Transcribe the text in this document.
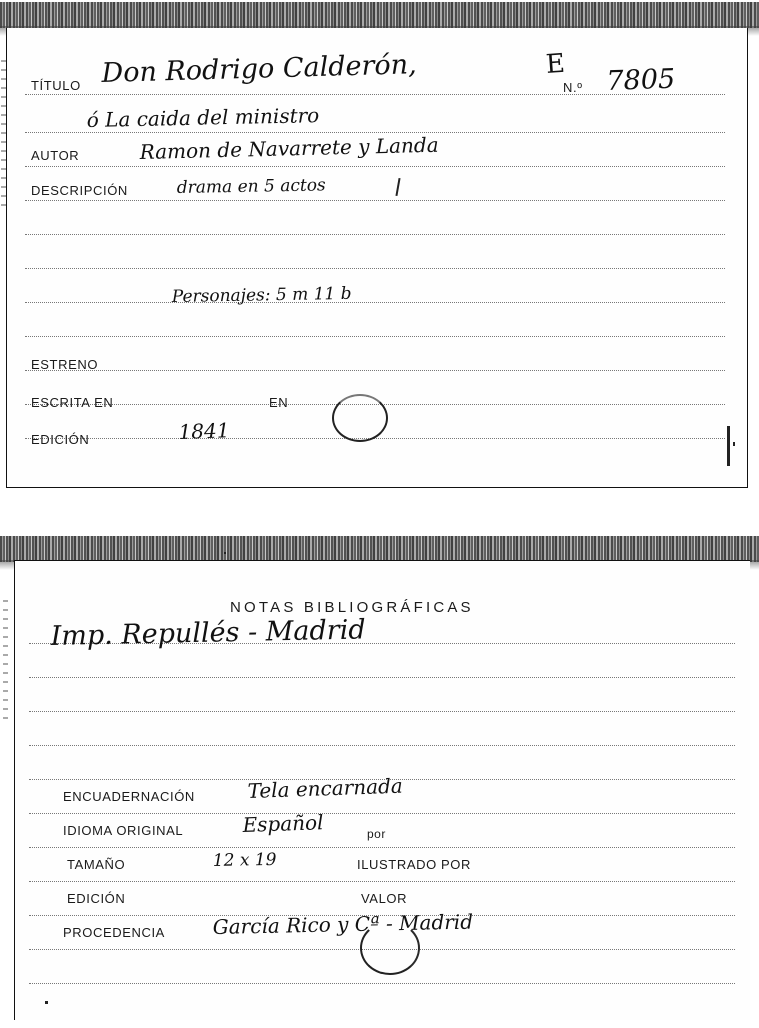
TÍTULO Don Rodrigo Calderón,	N.º
E 7805
ó La caida del ministro
AUTOR	Ramon de Navarrete y Landa
DESCRIPCIÓN	drama en 5 actos
Personajes: 5 m 11 b
ESTRENO
ESCRITA EN	EN
EDICIÓN	1841
NOTAS BIBLIOGRÁFICAS
Imp. Repullés - Madrid
ENCUADERNACIÓN	Tela encarnada
IDIOMA ORIGINAL	Español	por
TAMAÑO	12 x 19	ILUSTRADO POR
EDICIÓN	VALOR
PROCEDENCIA García Rico y Cª - Madrid
